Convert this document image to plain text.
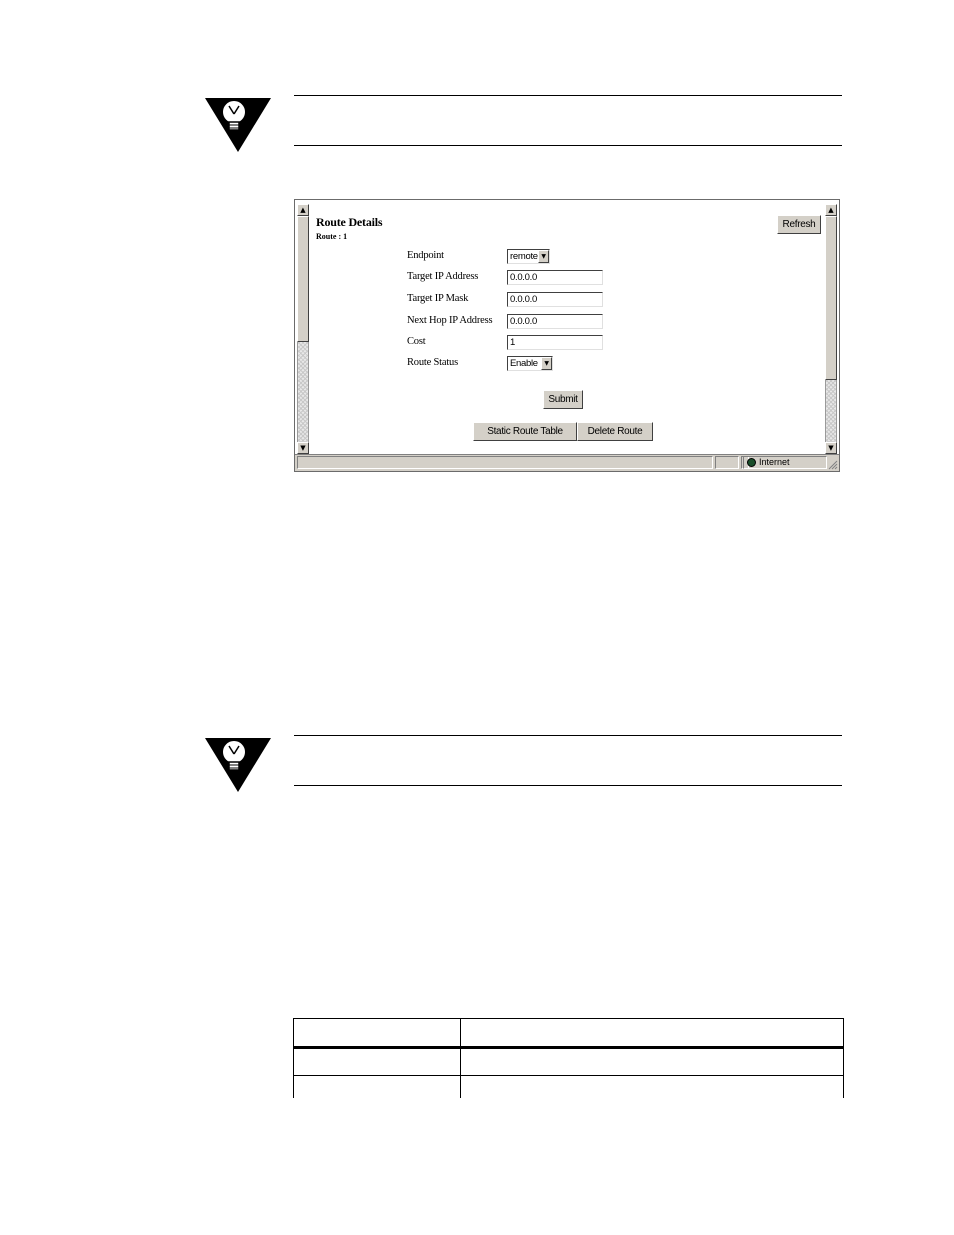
▲
▼
▲
▼
Route Details
Route : 1
Refresh
Endpoint	remote ▼
Target IP Address	0.0.0.0
Target IP Mask	0.0.0.0
Next Hop IP Address	0.0.0.0
Cost	1
Route Status	Enable	▼
Submit
Static Route Table	Delete Route
Internet
